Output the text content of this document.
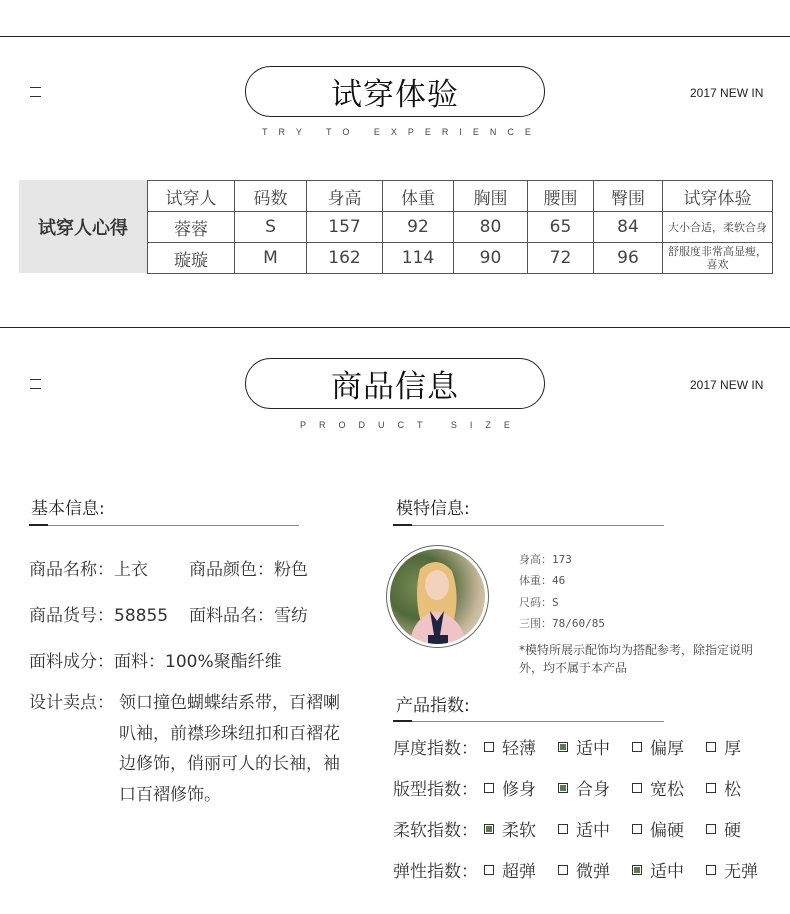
试穿体验
TRY TO EXPERIENCE
2017 NEW IN
试穿人心得
试穿人	码数	身高	体重	胸围	腰围	臀围	试穿体验
蓉蓉	S	157	92	80	65	84	大小合适，柔软合身
璇璇	M	162	114	90	72	96	舒服度非常高显瘦，喜欢
商品信息
PRODUCT SIZE
2017 NEW IN
基本信息:
商品名称：上衣 商品颜色：粉色
商品货号：58855 面料品名：雪纺
面料成分：面料：100%聚酯纤维
设计卖点： 领口撞色蝴蝶结系带，百褶喇叭袖，前襟珍珠纽扣和百褶花边修饰，俏丽可人的长袖，袖口百褶修饰。
模特信息:
身高：173
体重：46
尺码：S
三围：78/60/85
*模特所展示配饰均为搭配参考，除指定说明外，均不属于本产品
产品指数:
厚度指数： 轻薄 适中 偏厚 厚
版型指数： 修身 合身 宽松 松
柔软指数： 柔软 适中 偏硬 硬
弹性指数： 超弹 微弹 适中 无弹
